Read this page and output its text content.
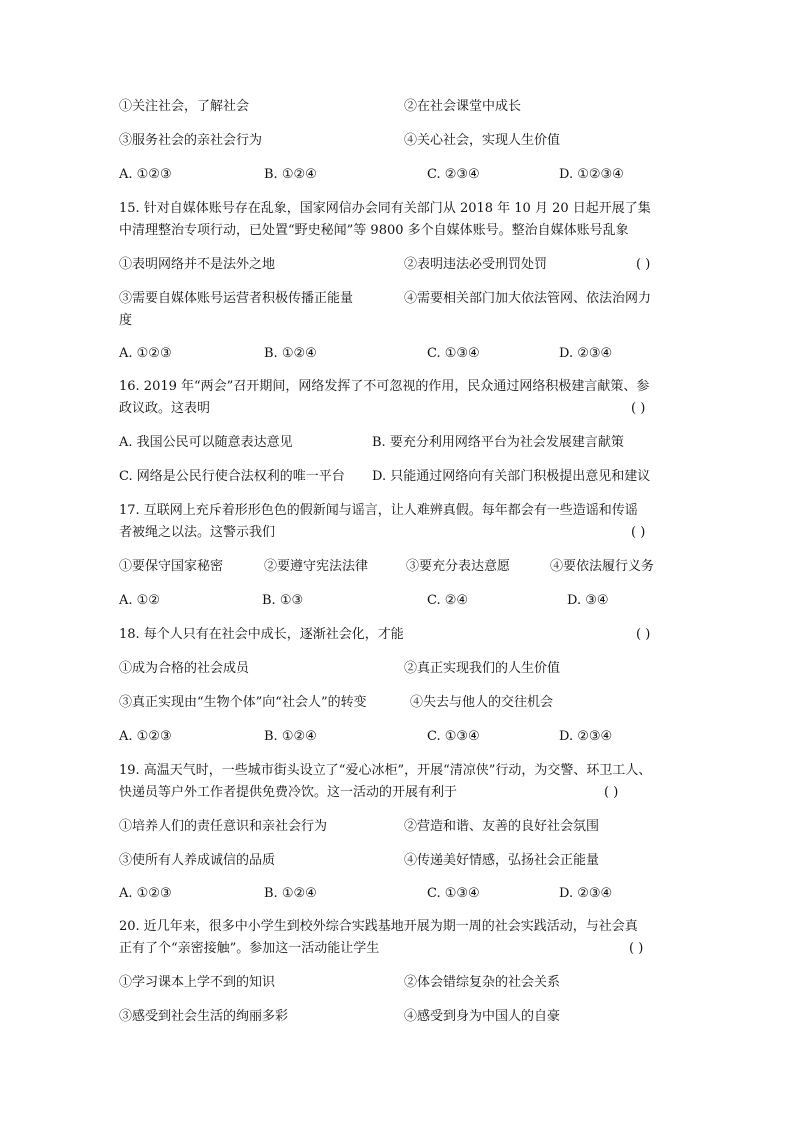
①关注社会，了解社会	②在社会课堂中成长
③服务社会的亲社会行为	④关心社会，实现人生价值
A. ①②③	B. ①②④	C. ②③④	D. ①②③④
15. 针对自媒体账号存在乱象，国家网信办会同有关部门从 2018 年 10 月 20 日起开展了集
中清理整治专项行动，已处置“野史秘闻”等 9800 多个自媒体账号。整治自媒体账号乱象
①表明网络并不是法外之地	②表明违法必受刑罚处罚	( )
③需要自媒体账号运营者积极传播正能量	④需要相关部门加大依法管网、依法治网力
度
A. ①②③	B. ①②④	C. ①③④	D. ②③④
16. 2019 年“两会”召开期间，网络发挥了不可忽视的作用，民众通过网络积极建言献策、参
政议政。这表明	( )
A. 我国公民可以随意表达意见	B. 要充分利用网络平台为社会发展建言献策
C. 网络是公民行使合法权利的唯一平台 D. 只能通过网络向有关部门积极提出意见和建议
17. 互联网上充斥着形形色色的假新闻与谣言，让人难辨真假。每年都会有一些造谣和传谣
者被绳之以法。这警示我们	( )
①要保守国家秘密	②要遵守宪法法律	③要充分表达意愿	④要依法履行义务
A. ①②	B. ①③	C. ②④	D. ③④
18. 每个人只有在社会中成长，逐渐社会化，才能	( )
①成为合格的社会成员	②真正实现我们的人生价值
③真正实现由“生物个体”向“社会人”的转变	④失去与他人的交往机会
A. ①②③	B. ①②④	C. ①③④	D. ②③④
19. 高温天气时，一些城市街头设立了“爱心冰柜”，开展“清凉侠”行动，为交警、环卫工人、
快递员等户外工作者提供免费冷饮。这一活动的开展有利于	( )
①培养人们的责任意识和亲社会行为	②营造和谐、友善的良好社会氛围
③使所有人养成诚信的品质	④传递美好情感，弘扬社会正能量
A. ①②③	B. ①②④	C. ①③④	D. ②③④
20. 近几年来，很多中小学生到校外综合实践基地开展为期一周的社会实践活动，与社会真
正有了个“亲密接触”。参加这一活动能让学生	( )
①学习课本上学不到的知识	②体会错综复杂的社会关系
③感受到社会生活的绚丽多彩	④感受到身为中国人的自豪
